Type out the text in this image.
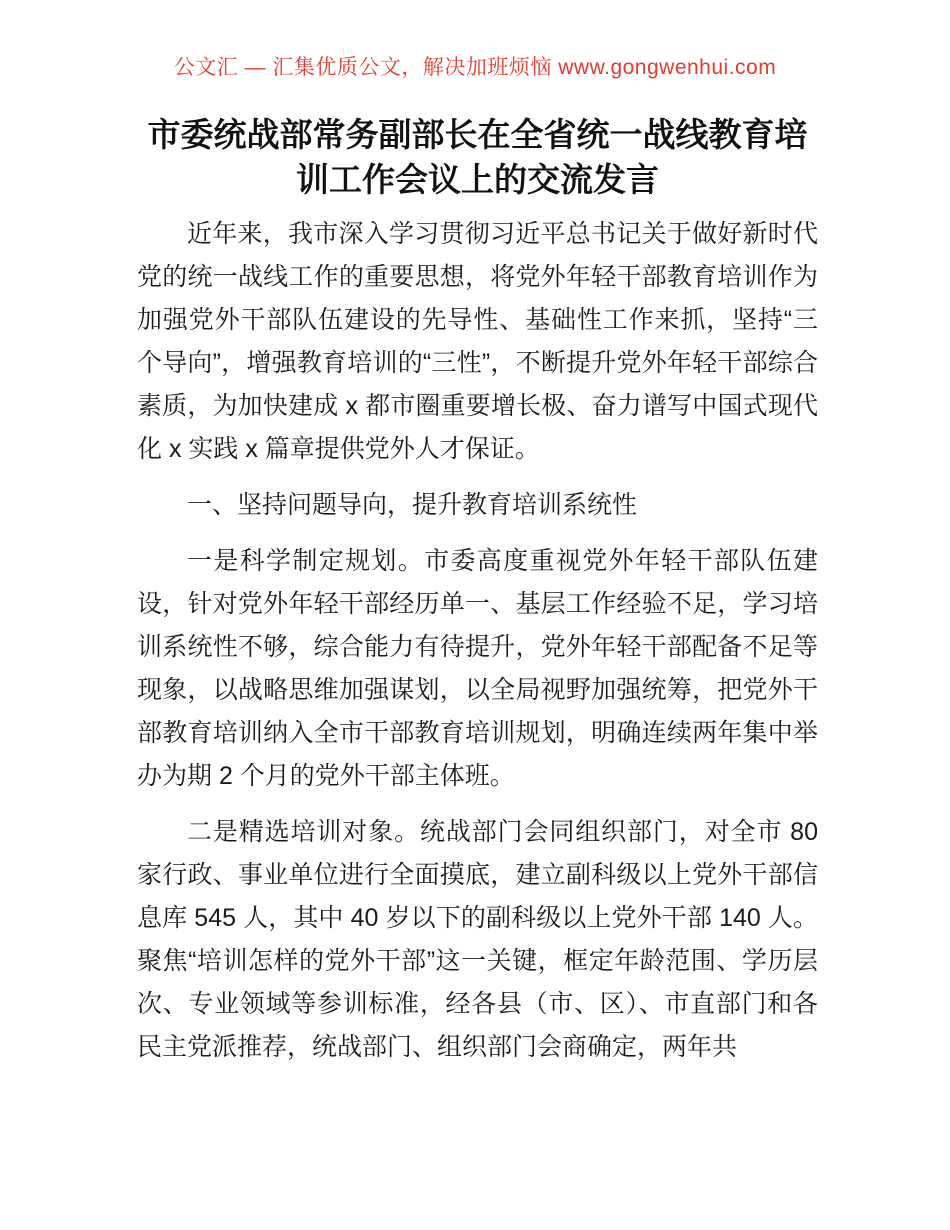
公文汇 — 汇集优质公文，解决加班烦恼 www.gongwenhui.com
市委统战部常务副部长在全省统一战线教育培训工作会议上的交流发言

近年来，我市深入学习贯彻习近平总书记关于做好新时代党的统一战线工作的重要思想，将党外年轻干部教育培训作为加强党外干部队伍建设的先导性、基础性工作来抓，坚持“三个导向”，增强教育培训的“三性”，不断提升党外年轻干部综合素质，为加快建成 x 都市圈重要增长极、奋力谱写中国式现代化 x 实践 x 篇章提供党外人才保证。

一、坚持问题导向，提升教育培训系统性

一是科学制定规划。市委高度重视党外年轻干部队伍建设，针对党外年轻干部经历单一、基层工作经验不足，学习培训系统性不够，综合能力有待提升，党外年轻干部配备不足等现象，以战略思维加强谋划，以全局视野加强统筹，把党外干部教育培训纳入全市干部教育培训规划，明确连续两年集中举办为期 2 个月的党外干部主体班。

二是精选培训对象。统战部门会同组织部门，对全市 80 家行政、事业单位进行全面摸底，建立副科级以上党外干部信息库 545 人，其中 40 岁以下的副科级以上党外干部 140 人。聚焦“培训怎样的党外干部”这一关键，框定年龄范围、学历层次、专业领域等参训标准，经各县（市、区）、市直部门和各民主党派推荐，统战部门、组织部门会商确定，两年共
